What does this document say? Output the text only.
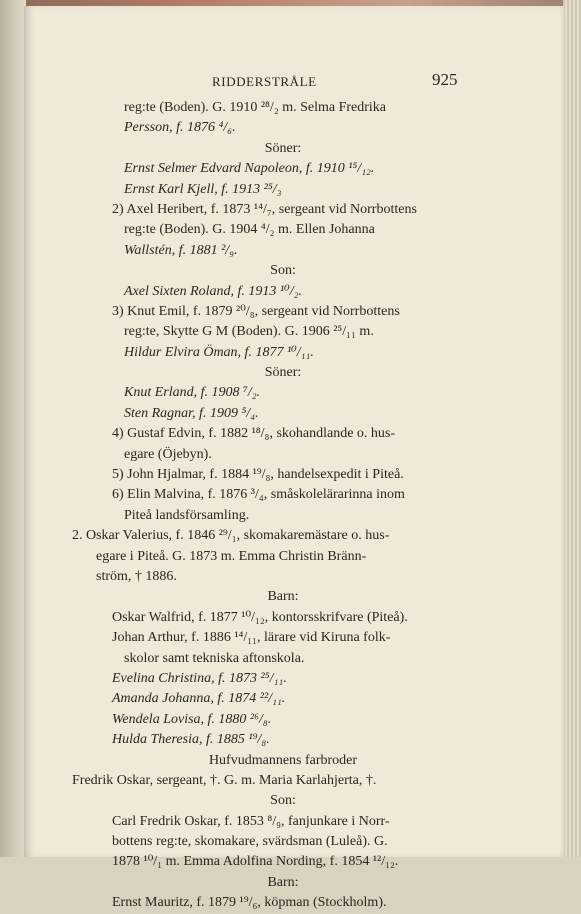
RIDDERSTRÅLE	925
reg:te (Boden). G. 1910 ²⁸/₂ m. Selma Fredrika
Persson, f. 1876 ⁴/₆.
Söner:
Ernst Selmer Edvard Napoleon, f. 1910 ¹⁵/₁₂.
Ernst Karl Kjell, f. 1913 ²⁵/₃
2) Axel Heribert, f. 1873 ¹⁴/₇, sergeant vid Norrbottens
reg:te (Boden). G. 1904 ⁴/₂ m. Ellen Johanna
Wallstén, f. 1881 ²/₉.
Son:
Axel Sixten Roland, f. 1913 ¹⁰/₂.
3) Knut Emil, f. 1879 ²⁰/₈, sergeant vid Norrbottens
reg:te, Skytte G M (Boden). G. 1906 ²⁵/₁₁ m.
Hildur Elvira Öman, f. 1877 ¹⁰/₁₁.
Söner:
Knut Erland, f. 1908 ⁷/₂.
Sten Ragnar, f. 1909 ⁵/₄.
4) Gustaf Edvin, f. 1882 ¹⁸/₈, skohandlande o. hus-
egare (Öjebyn).
5) John Hjalmar, f. 1884 ¹⁹/₈, handelsexpedit i Piteå.
6) Elin Malvina, f. 1876 ³/₄, småskolelärarinna inom
Piteå landsförsamling.
2. Oskar Valerius, f. 1846 ²⁹/₁, skomakaremästare o. hus-
egare i Piteå. G. 1873 m. Emma Christin Bränn-
ström, † 1886.
Barn:
Oskar Walfrid, f. 1877 ¹⁰/₁₂, kontorsskrifvare (Piteå).
Johan Arthur, f. 1886 ¹⁴/₁₁, lärare vid Kiruna folk-
skolor samt tekniska aftonskola.
Evelina Christina, f. 1873 ²⁵/₁₁.
Amanda Johanna, f. 1874 ²²/₁₁.
Wendela Lovisa, f. 1880 ²⁶/₈.
Hulda Theresia, f. 1885 ¹⁹/₈.
Hufvudmannens farbroder
Fredrik Oskar, sergeant, †. G. m. Maria Karlahjerta, †.
Son:
Carl Fredrik Oskar, f. 1853 ⁸/₉, fanjunkare i Norr-
bottens reg:te, skomakare, svärdsman (Luleå). G.
1878 ¹⁰/₁ m. Emma Adolfina Nording, f. 1854 ¹²/₁₂.
Barn:
Ernst Mauritz, f. 1879 ¹⁹/₆, köpman (Stockholm).
